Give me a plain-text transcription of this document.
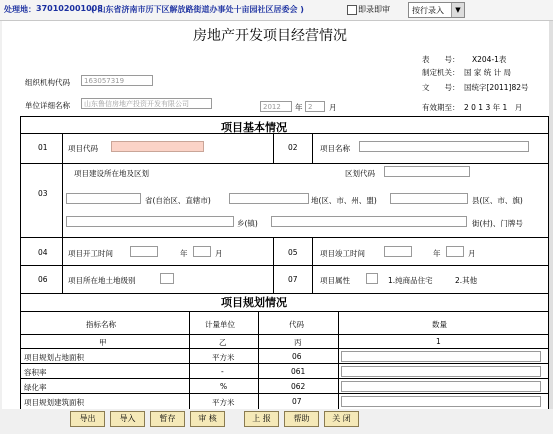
处理地： 370102001008
( 山东省济南市历下区解放路街道办事处十亩园社区居委会 )	即录即审	按行录入	▼
房地产开发项目经营情况
表　　号： X204-1表
制定机关： 国 家 统 计 局
文　　号： 国统字[2011]82号
有效期至： 2 0 1 3 年 1　月
组织机构代码	163057319
单位详细名称	山东鲁信房地产投资开发有限公司	2012	年 2	月
项目基本情况
01	项目代码	02	项目名称
03
项目建设所在地及区划	区划代码
省(自治区、直辖市)	地(区、市、州、盟)	县(区、市、旗)
乡(镇)	街(村)、门牌号
04	项目开工时间	年	月	05	项目竣工时间	年	月
06	项目所在地土地级别	07	项目属性	1.纯商品住宅	2.其他
项目规划情况
指标名称	计量单位	代码	数量
甲	乙	丙	1
项目规划占地面积	平方米	06
容积率	-	061
绿化率	%	062
项目规划建筑面积	平方米	07
导出	导入	暂存	审 核	上 报	帮助	关 闭
